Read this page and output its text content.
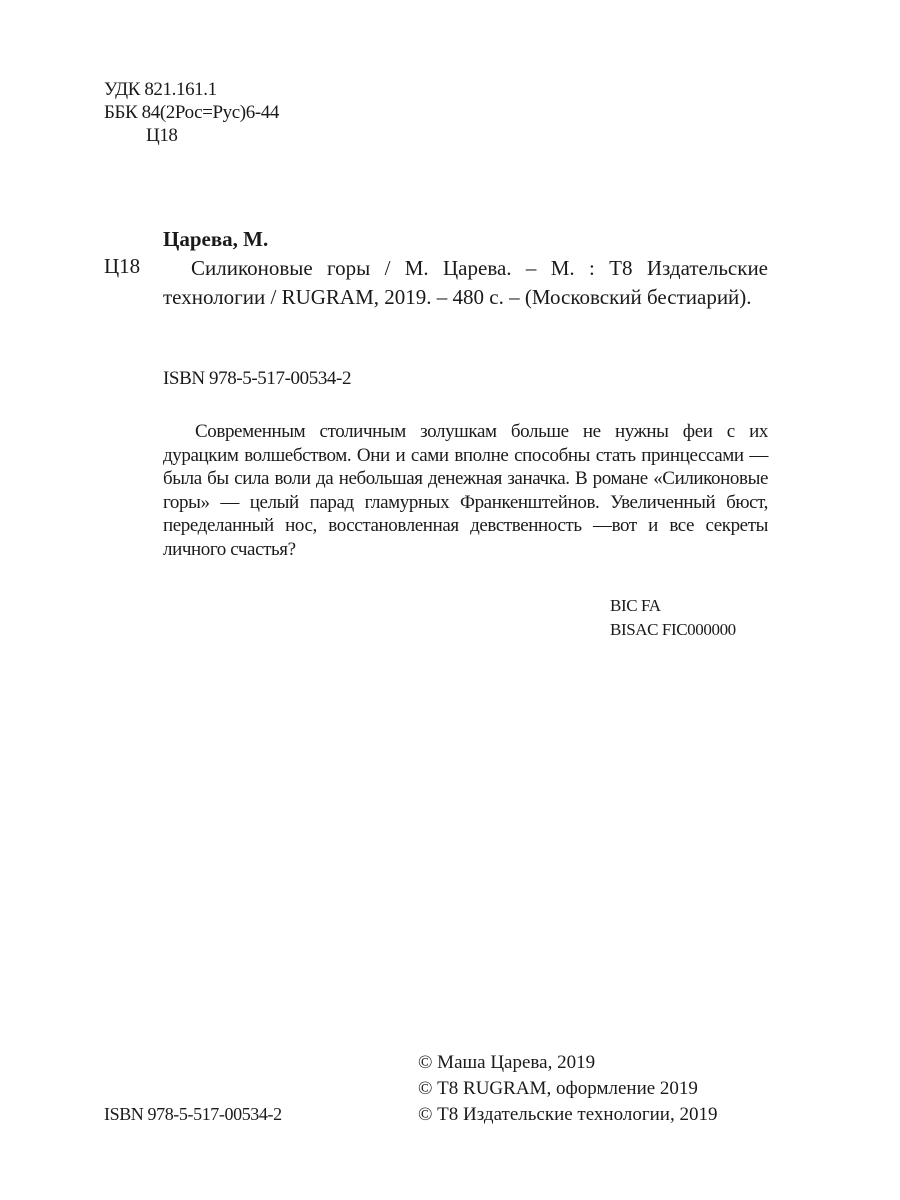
УДК 821.161.1
ББК 84(2Рос=Рус)6-44
Ц18
Царева, М.
Ц18	Силиконовые горы / М. Царева. – М. : Т8 Издательские технологии / RUGRAM, 2019. – 480 с. – (Московский бестиарий).
ISBN 978-5-517-00534-2
Современным столичным золушкам больше не нужны феи с их дурацким волшебством. Они и сами вполне способны стать принцессами — была бы сила воли да небольшая денежная заначка. В романе «Силиконовые горы» — целый парад гламурных Франкенштейнов. Увеличенный бюст, переделанный нос, восстановленная девственность —вот и все секреты личного счастья?
BIC FA
BISAC FIC000000
© Маша Царева, 2019
© Т8 RUGRAM, оформление 2019
© Т8 Издательские технологии, 2019
ISBN 978-5-517-00534-2
